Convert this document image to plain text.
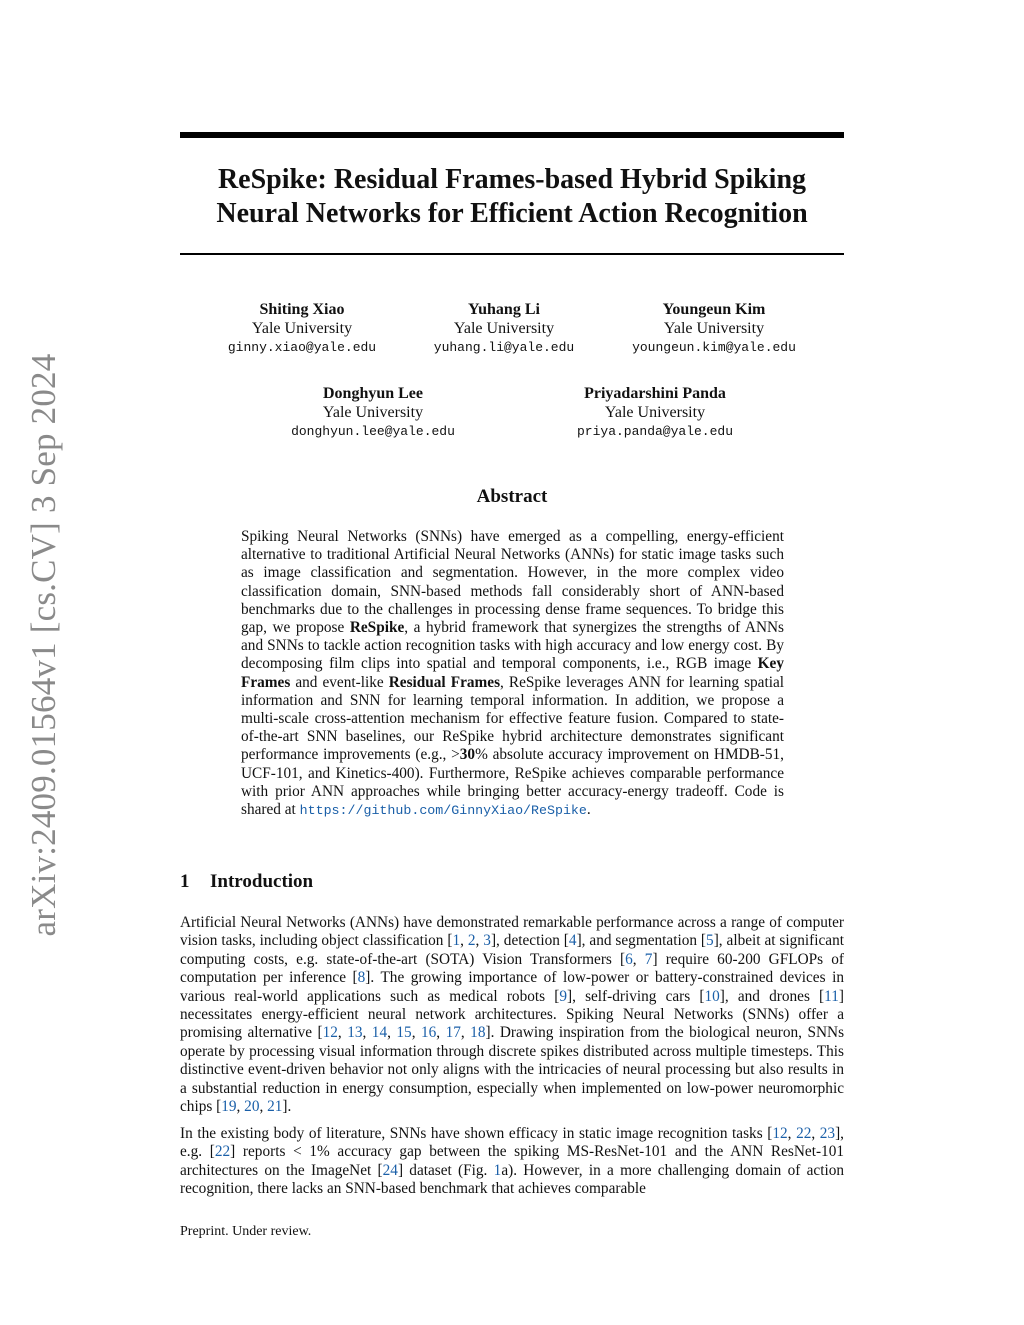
arXiv:2409.01564v1 [cs.CV] 3 Sep 2024
ReSpike: Residual Frames-based Hybrid Spiking
Neural Networks for Efficient Action Recognition
Shiting Xiao
Yale University
ginny.xiao@yale.edu
Yuhang Li
Yale University
yuhang.li@yale.edu
Youngeun Kim
Yale University
youngeun.kim@yale.edu
Donghyun Lee
Yale University
donghyun.lee@yale.edu
Priyadarshini Panda
Yale University
priya.panda@yale.edu
Abstract

Spiking Neural Networks (SNNs) have emerged as a compelling, energy-efficient alternative to traditional Artificial Neural Networks (ANNs) for static image tasks such as image classification and segmentation. However, in the more complex video classification domain, SNN-based methods fall considerably short of ANN-based benchmarks due to the challenges in processing dense frame sequences. To bridge this gap, we propose ReSpike, a hybrid framework that synergizes the strengths of ANNs and SNNs to tackle action recognition tasks with high accuracy and low energy cost. By decomposing film clips into spatial and temporal components, i.e., RGB image Key Frames and event-like Residual Frames, ReSpike leverages ANN for learning spatial information and SNN for learning temporal information. In addition, we propose a multi-scale cross-attention mechanism for effective feature fusion. Compared to state-of-the-art SNN baselines, our ReSpike hybrid architecture demonstrates significant performance improvements (e.g., >30% absolute accuracy improvement on HMDB-51, UCF-101, and Kinetics-400). Furthermore, ReSpike achieves comparable performance with prior ANN approaches while bringing better accuracy-energy tradeoff. Code is shared at https://github.com/GinnyXiao/ReSpike.

1 Introduction

Artificial Neural Networks (ANNs) have demonstrated remarkable performance across a range of computer vision tasks, including object classification [1, 2, 3], detection [4], and segmentation [5], albeit at significant computing costs, e.g. state-of-the-art (SOTA) Vision Transformers [6, 7] require 60-200 GFLOPs of computation per inference [8]. The growing importance of low-power or battery-constrained devices in various real-world applications such as medical robots [9], self-driving cars [10], and drones [11] necessitates energy-efficient neural network architectures. Spiking Neural Networks (SNNs) offer a promising alternative [12, 13, 14, 15, 16, 17, 18]. Drawing inspiration from the biological neuron, SNNs operate by processing visual information through discrete spikes distributed across multiple timesteps. This distinctive event-driven behavior not only aligns with the intricacies of neural processing but also results in a substantial reduction in energy consumption, especially when implemented on low-power neuromorphic chips [19, 20, 21].

In the existing body of literature, SNNs have shown efficacy in static image recognition tasks [12, 22, 23], e.g. [22] reports < 1% accuracy gap between the spiking MS-ResNet-101 and the ANN ResNet-101 architectures on the ImageNet [24] dataset (Fig. 1a). However, in a more challenging domain of action recognition, there lacks an SNN-based benchmark that achieves comparable

Preprint. Under review.
